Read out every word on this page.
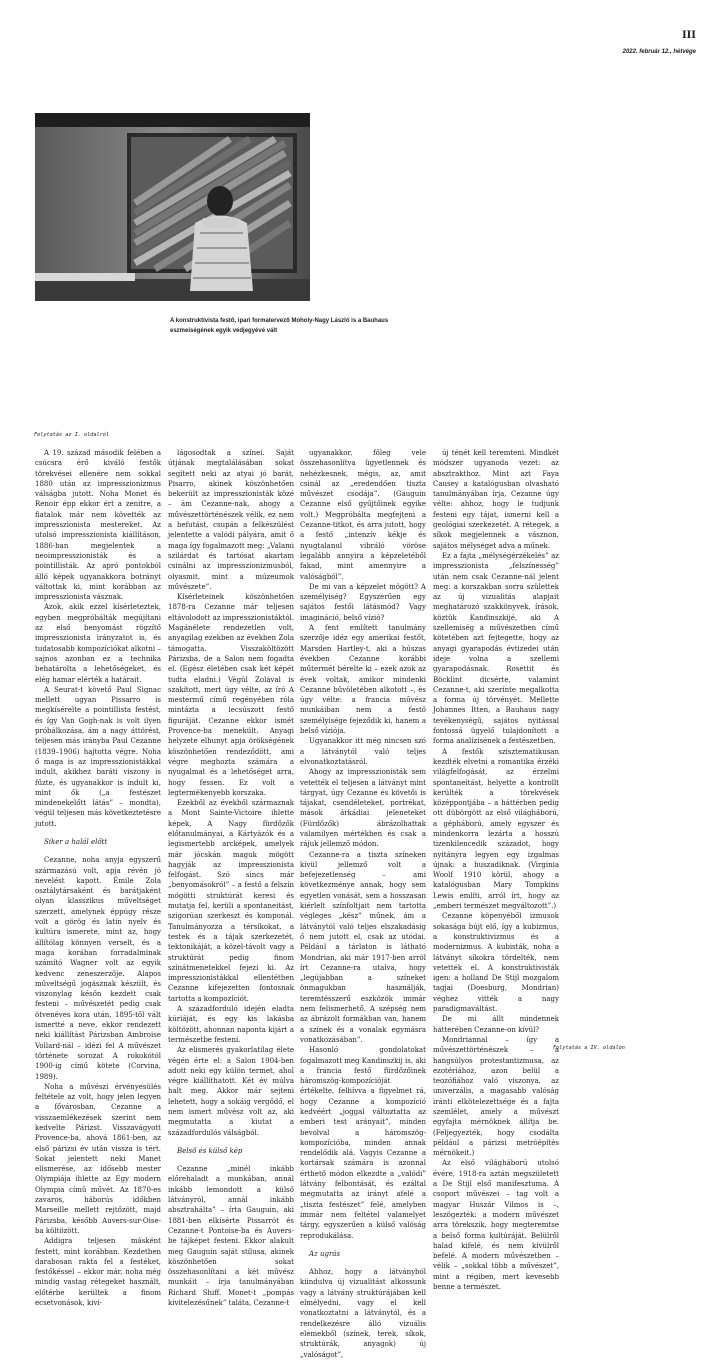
III
2022. február 12., hétvége
A konstruktivista festő, ipari formatervező Moholy-Nagy László is a Bauhaus eszmeiségének egyik védjegyévé vált
Folytatás az I. oldalról

A 19. század második felében a csúcsra érő kiváló festők törekvései ellenére nem sokkal 1880 után az impresszionizmus válságba jutott. Noha Monet és Renoir épp ekkor ért a zenitre, a fiatalok már nem követték az impresszionista mestereket. Az utolsó impresszionista kiállításon, 1886-ban megjelentek a neoimpresszionisták és a pointillisták. Az apró pontokból álló képek ugyanakkora botrányt váltottak ki, mint korábban az impresszionista vásznak.

Azok, akik ezzel kísérleteztek, egyben megpróbálták megújítani az első benyomást rögzítő impresszionista irányzatot is, és tudatosabb kompozíciókat alkotni – sajnos azonban ez a technika behatárolta a lehetőségeket, és elég hamar elérték a határait.

A Seurat-t követő Paul Signac mellett ugyan Pissarro is megkísérelte a pointillista festést, és így Van Gogh-nak is volt ilyen próbálkozása, ám a nagy áttörést, teljesen más irányba Paul Cezanne (1839–1906) hajtotta végre. Noha ő maga is az impresszionistákkal indult, akikhez baráti viszony is fűzte, és ugyanakkor is indult ki, mint ők („a festészet mindenekelőtt látás” – mondta), végül teljesen más következtetésre jutott.

Siker a halál előtt

Cezanne, noha anyja egyszerű származású volt, apja révén jó nevelést kapott. Émile Zola osztálytársaként és barátjaként olyan klasszikus műveltséget szerzett, amelynek éppúgy része volt a görög és latin nyelv és kultúra ismerete, mint az, hogy állítólag könnyen verselt, és a maga korában forradalminak számító Wagner volt az egyik kedvenc zeneszerzője. Alapos műveltségű jogásznak készült, és viszonylag későn kezdett csak festeni – művészetét pedig csak ötvenéves kora után, 1895-től vált ismertté a neve, ekkor rendezett neki kiállítást Párizsban Ambroise Vollard-nál – idézi fel A művészet története sorozat A rokokótól 1900-ig című kötete (Corvina, 1989).

Noha a művészi érvényesülés feltétele az volt, hogy jelen legyen a fővárosban, Cezanne a visszaemlékezések szerint nem kedvelte Párizst. Visszavágyott Provence-ba, ahová 1861-ben, az első párizsi év után vissza is tért. Sokat jelentett neki Manet elismerése, az idősebb mester Olympiája ihlette az Egy modern Olympia című művét. Az 1870-es zavaros, háborús időkben Marseille mellett rejtőzött, majd Párizsba, később Auvers-sur-Oise-ba költözött.

Addigra teljesen másként festett, mint korábban. Kezdetben darabosan rakta fel a festéket, festőkéssel – ekkor már, noha még mindig vastag rétegeket használt, előtérbe kerültek a finom ecsetvonások, kivi-

lágosodtak a színei. Saját útjának megtalálásában sokat segített neki az atyai jó barát, Pisarro, akinek köszönhetően bekerült az impresszionisták közé – ám Cezanne-nak, ahogy a művészettörténészek vélik, ez nem a befutást, csupán a felkészülést jelentette a valódi pályára, amit ő maga így fogalmazott meg: „Valami szilárdat és tartósat akartam csinálni az impresszionizmusból, olyasmit, mint a múzeumok művészete”.

Kísérleteinek köszönhetően 1878-ra Cezanne már teljesen eltávolodott az impresszionistáktól. Magánélete rendezetlen volt, anyagilag ezekben az években Zola támogatta. Visszaköltözött Párizsba, de a Salon nem fogadta el. (Egész életében csak két képét tudta eladni.) Végül Zolával is szakított, mert úgy vélte, az író A mestermű című regényében róla mintázta a lecsúszott festő figuráját. Cezanne ekkor ismét Provence-ba menekült. Anyagi helyzete elhunyt apja örökségének köszönhetően rendeződött, ami végre meghozta számára a nyugalmat és a lehetőséget arra, hogy fessen. Ez volt a legtermékenyebb korszaka.

Ezekből az évekből származnak a Mont Sainte-Victoire ihlette képek, A Nagy fürdőzők előtanulmányai, a Kártyázók és a legismertebb arcképek, amelyek már jócskán maguk mögött hagyják az impresszionista felfogást. Szó sincs már „benyomásokról” – a festő a felszín mögötti struktúrát keresi és mutatja fel, kerüli a spontaneitást, szigorúan szerkeszt és komponál. Tanulmányozza a térsíkokat, a testek és a tájak szerkezetét, tektonikáját, a közel-távolt vagy a struktúrát pedig finom színátmenetekkel fejezi ki. Az impresszionistákkal ellentétben Cezanne kifejezetten fontosnak tartotta a kompozíciót.

A századforduló idején eladta kúriáját, és egy kis lakásba költözött, ahonnan naponta kijárt a természetbe festeni.

Az elismerés gyakorlatilag élete végén érte el: a Salon 1904-ben adott neki egy külön termet, ahol végre kiállíthatott. Két év múlva halt meg. Akkor már sejteni lehetett, hogy a sokáig vergődő, el nem ismert művész volt az, aki megmutatta a kiutat a századfordulós válságból.

Belső és külső kép

Cezanne „minél inkább előrehaladt a munkában, annál inkább lemondott a külső látványról, annál inkább absztrahálta” – írta Gauguin, aki 1881-ben elkísérte Pissarrót és Cezanne-t Pontoise-ba és Auvers-be tájképet festeni. Ekkor alakult meg Gauguin saját stílusa, akinek köszönhetően sokat összehasonlítani a két művész munkáit – írja tanulmányában Richard Shiff. Monet-t „pompás kivitelezésűnek” taláta, Cezanne-t

ugyanakkor, főleg vele összehasonlítva ügyetlennek és nehézkesnek, mégis, az, amit csinál az „eredendően tiszta művészet csodája”. (Gauguin Cezanne első gyűjtőinek egyike volt.) Megpróbálta megfejteni a Cezanne-titkot, és arra jutott, hogy a festő „intenzív kékje és nyugtalanul vibráló vöröse legalább annyira a képzeletéből fakad, mint amennyire a valóságból”.

De mi van a képzelet mögött? A személyiség? Egyszerűen egy sajátos festői látásmód? Vagy imagináció, belső vízió?

A fent említett tanulmány szerzője idéz egy amerikai festőt, Marsden Hartley-t, aki a húszas években Cezanne korábbi műtermét bérelte ki – ezek azok az évek voltak, amikor mindenki Cezanne bűvöletében alkotott –, és úgy vélte: a francia művész munkáiban nem a festő személyisége fejeződik ki, hanem a belső víziója.

Ugyanakkor itt még nincsen szó a látványtól való teljes elvonatkoztatásról.

Ahogy az impresszionisták sem vetették el teljesen a látványt mint tárgyat, úgy Cezanne és követői is tájakat, csendéleteket, portrékat, mások árkádiai jeleneteket (Fürdőzők) ábrázolhattak valamilyen mértékben és csak a rájuk jellemző módon.

Cezanne-ra a tiszta színeken kívül jellemző volt a befejezetlenség – ami következménye annak, hogy sem egyetlen vonását, sem a hosszasan kiérlelt színfoltjait nem tartotta végleges „kész” műnek, ám a látványtól való teljes elszakadásig ő nem jutott el, csak az utódai. Például a tárlaton is látható Mondrian, aki már 1917-ben arról írt Cezanne-ra utalva, hogy „legújabban a színeket önmagukban használják, teremtésszerű eszközök immár nem felismerhető. A szépség nem az ábrázolt formákban van, hanem a színek és a vonalak egymásra vonatkozásában”.

Hasonló gondolatokat fogalmazott meg Kandinszkij is, aki a francia festő fürdőzőinek háromszög-kompozícióját értékelte, felhívva a figyelmet rá, hogy Cezanne a kompozíció kedvéért „joggal változtatta az emberi test arányait”, minden bevolval a háromszög-kompozícióba, minden annak rendelődik alá. Vagyis Cezanne a kortársak számára is azonnal érthető módon elkezdte a „valódi” látvány felbontását, és ezáltal megmutatta az irányt afelé a „tiszta festészet” felé, amelyben immár nem feltétel valamelyet tárgy, egyszerűen a külső valóság reprodukálása.

Az ugrás

Ahhoz, hogy a látványból kiindulva új vizualitást alkossunk vagy a látvány struktúrájában kell elmélyedni, vagy el kell vonatkoztatni a látványtól, és a rendelkezésre álló vizuális elemekből (színek, terek, síkok, struktúrák, anyagok) új „valóságot”,

új ténét kell teremteni. Mindkét módszer ugyanoda vezet: az absztrakthoz. Mint azt Faya Causey a katalógusban olvasható tanulmányában írja, Cezanne úgy vélte: ahhoz, hogy le tudjunk festeni egy tájat, ismerni kell a geológiai szerkezetét. A rétegek, a síkok megjelennek a vásznon, sajátos mélységet adva a műnek.

Ez a fajta „mélységérzékelés” az impresszionista „felszínesség” után nem csak Cezanne-nál jelent meg: a korszakban sorra születtek az új vizualitás alapjait meghatározó szakkönyvek, írások, köztük Kandinszkijé, aki A szellemiség a művészetben című kötetében azt fejtegette, hogy az anyagi gyarapodás évtizedei után ideje volna a szellemi gyarapodásnak. Rosettit és Böcklint dicsérte, valamint Cezanne-t, aki szerinte megalkotta a forma új törvényét. Mellette Johannes Itten, a Bauhaus nagy tevékenységű, sajátos nyitással fontossá ügyelő tulajdonított a forma analízisének a festészetben.

A festők szisztematikusan kezdték elvetni a romantika érzéki világfelfogását, az érzelmi spontaneitást, helyette a kontrollt kerülték a törekvések középpontjába – a háttérben pedig ott dübörgött az első világháború, a gépháború, amely egyszer és mindenkorra lezárta a hosszú tizenkilencedik századot, hogy nyitányra legyen egy izgalmas újnak: a huszadiknak. (Virginia Woolf 1910 körül, ahogy a katalógusban Mary Tompkins Lewis említi, arról írt, hogy az „emberi természet megváltozott”.)

Cezanne köpenyéből izmusok sokasága bújt elő, így a kubizmus, a konstruktivizmus és a modernizmus. A kubisták, noha a látványt síkokra tördelték, nem vetették el. A konstruktivisták igen: a holland De Stijl mozgalom tagjai (Doesburg, Mondrian) véghez vitték a nagy paradigmaváltást.

De mi állt mindennek hátterében Cezanne-on kívül?

Mondriannal – így a művészettörténészek – a hangsúlyos protestantizmusa, az ezotériához, azon belül a teozófiához való viszonya, az univerzális, a magasabb valóság iránti elkötelezettsége és a fajta szemlélet, amely a művészt egyfajta mérnöknek állítja be. (Feljegyezték, hogy csodálta például a párizsi metróépítés mérnökeit.)

Az első világháború utolsó évére, 1918-ra aztán megszületett a De Stijl első manifesztuma. A csoport művészei – tag volt a magyar Huszár Vilmos is –, leszögezték: a modern művészet arra törekszik, hogy megteremtse a belső forma kultúráját. Belülről halad kifelé, és nem kívülről befelé. A modern művészetben – vélik – „sokkal több a művészet”, mint a régiben, mert kevesebb benne a természet.

Folytatás a IV. oldalon
